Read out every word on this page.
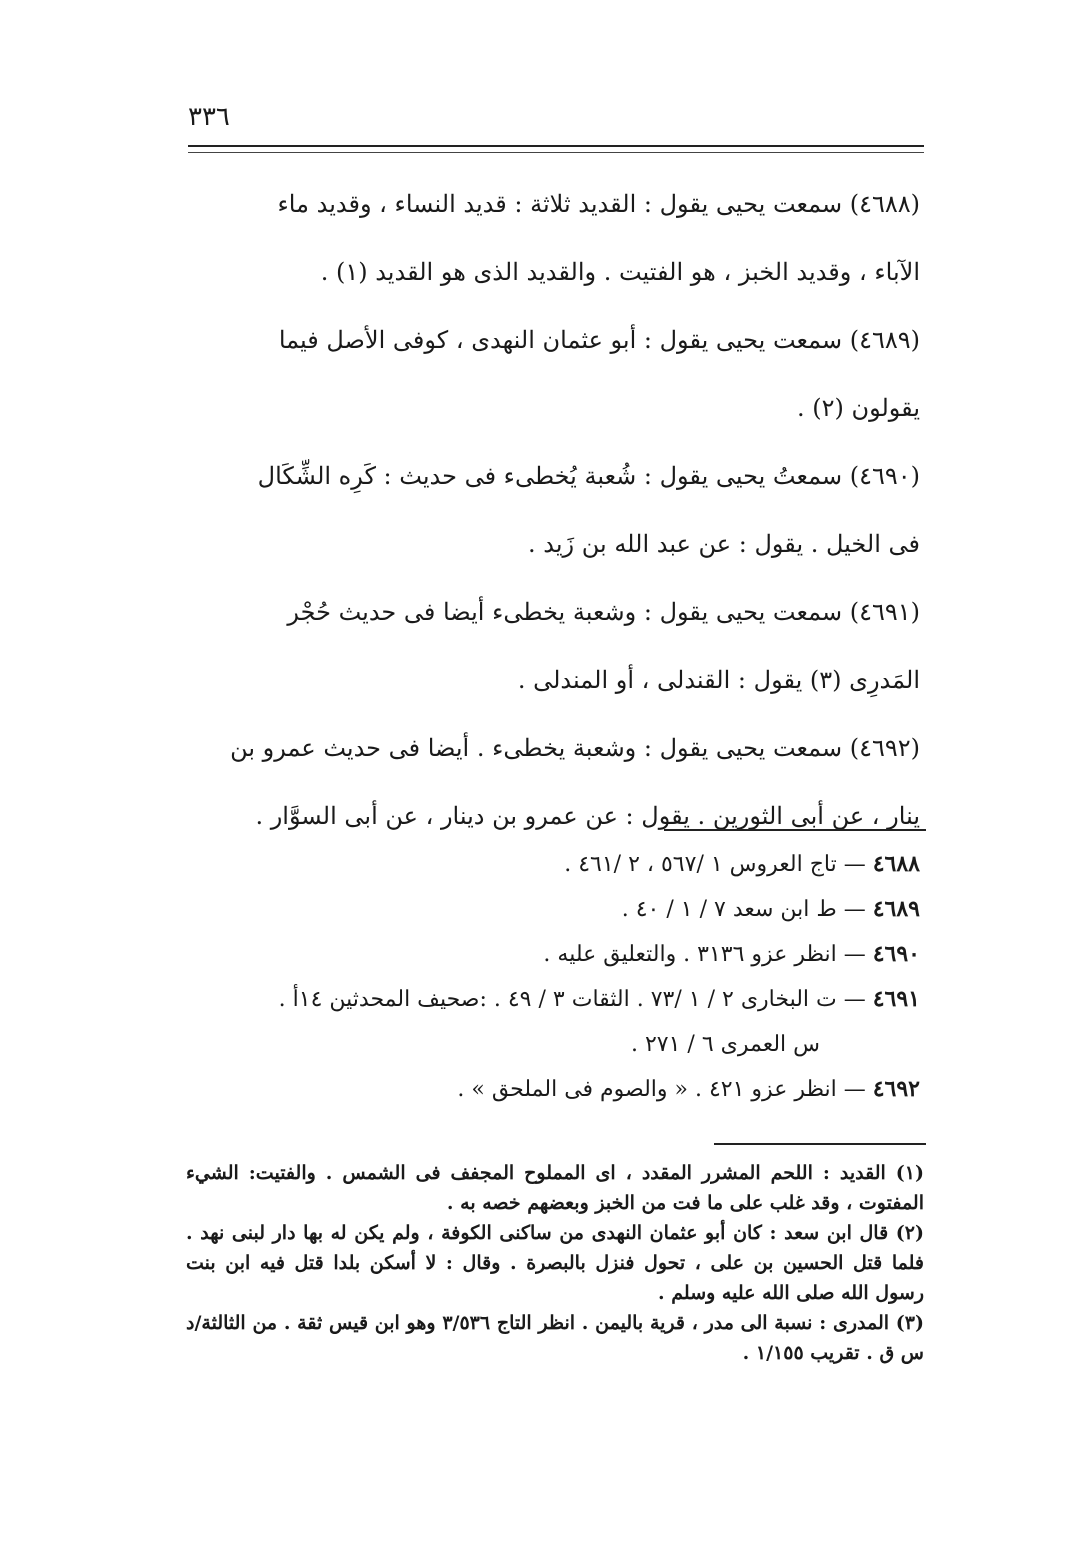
٣٣٦

(٤٦٨٨) سمعت يحيى يقول : القديد ثلاثة : قديد النساء ، وقديد ماء

الآباء ، وقديد الخبز ، هو الفتيت . والقديد الذى هو القديد (١) .

(٤٦٨٩) سمعت يحيى يقول : أبو عثمان النهدى ، كوفى الأصل فيما

يقولون (٢) .

(٤٦٩٠) سمعتُ يحيى يقول : شُعبة يُخطىء فى حديث : كَرِه الشِّكَال

فى الخيل . يقول : عن عبد الله بن زَيد .

(٤٦٩١) سمعت يحيى يقول : وشعبة يخطىء أيضا فى حديث حُجْر

المَدرِى (٣) يقول : القندلى ، أو المندلى .

(٤٦٩٢) سمعت يحيى يقول : وشعبة يخطىء . أيضا فى حديث عمرو بن

ينار ، عن أبى الثورين . يقول : عن عمرو بن دينار ، عن أبى السوَّار .

٤٦٨٨ — تاج العروس ١ /٥٦٧ ، ٢ /٤٦١ .
٤٦٨٩ — ط ابن سعد ٧ / ١ / ٤٠ .
٤٦٩٠ — انظر عزو ٣١٣٦ . والتعليق عليه .
٤٦٩١ — ت البخارى ٢ / ١ /٧٣ . الثقات ٣ / ٤٩ . :صحيف المحدثين ١٤أ .
س العمرى ٦ / ٢٧١ .
٤٦٩٢ — انظر عزو ٤٢١ . « والصوم فى الملحق » .

(١) القديد : اللحم المشرر المقدد ، اى المملوح المجفف فى الشمس . والفتيت: الشيء المفتوت ، وقد غلب على ما فت من الخبز وبعضهم خصه به .

(٢) قال ابن سعد : كان أبو عثمان النهدى من ساكنى الكوفة ، ولم يكن له بها دار لبنى نهد . فلما قتل الحسين بن على ، تحول فنزل بالبصرة . وقال : لا أسكن بلدا قتل فيه ابن بنت رسول الله صلى الله عليه وسلم .

(٣) المدرى : نسبة الى مدر ، قرية باليمن . انظر التاج ٣/٥٣٦ وهو ابن قيس ثقة . من الثالثة/د س ق . تقريب ١/١٥٥ .
